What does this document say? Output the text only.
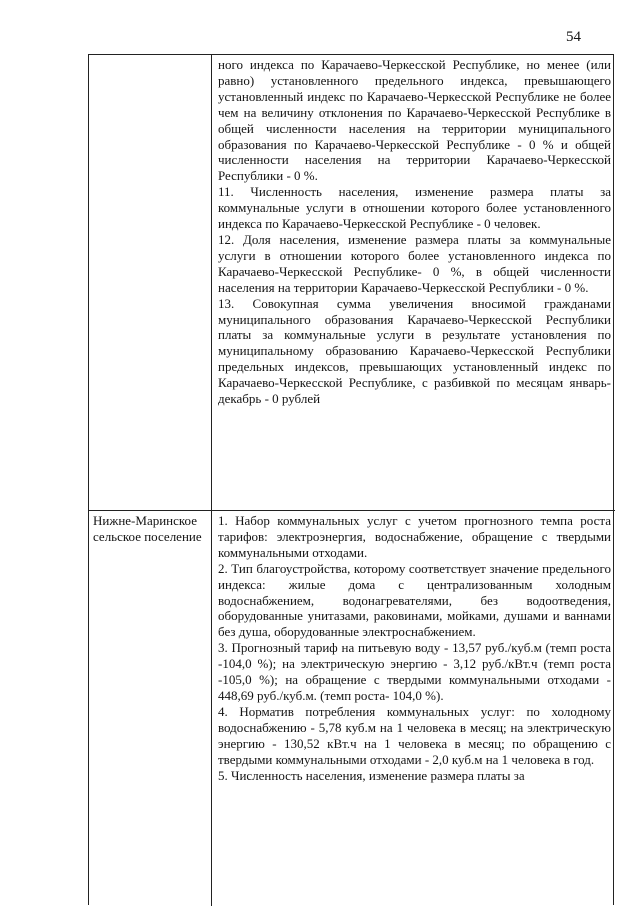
54

ного индекса по Карачаево-Черкесской Республике, но менее (или равно) установленного предельного индекса, превышающего установленный индекс по Карачаево-Черкесской Республике не более чем на величину отклонения по Карачаево-Черкесской Республике в общей численности населения на территории муниципального образования по Карачаево-Черкесской Республике - 0 % и общей численности населения на территории Карачаево-Черкесской Республики - 0 %.

11. Численность населения, изменение размера платы за коммунальные услуги в отношении которого более установленного индекса по Карачаево-Черкесской Республике - 0 человек.

12. Доля населения, изменение размера платы за коммунальные услуги в отношении которого более установленного индекса по Карачаево-Черкесской Республике- 0 %, в общей численности населения на территории Карачаево-Черкесской Республики - 0 %.

13. Совокупная сумма увеличения вносимой гражданами муниципального образования Карачаево-Черкесской Республики платы за коммунальные услуги в результате установления по муниципальному образованию Карачаево-Черкесской Республики предельных индексов, превышающих установленный индекс по Карачаево-Черкесской Республике, с разбивкой по месяцам январь-декабрь - 0 рублей

Нижне-Маринское сельское поселение

1. Набор коммунальных услуг с учетом прогнозного темпа роста тарифов: электроэнергия, водоснабжение, обращение с твердыми коммунальными отходами.

2. Тип благоустройства, которому соответствует значение предельного индекса: жилые дома с централизованным холодным водоснабжением, водонагревателями, без водоотведения, оборудованные унитазами, раковинами, мойками, душами и ваннами без душа, оборудованные электроснабжением.

3. Прогнозный тариф на питьевую воду - 13,57 руб./куб.м (темп роста -104,0 %); на электрическую энергию - 3,12 руб./кВт.ч (темп роста -105,0 %); на обращение с твердыми коммунальными отходами - 448,69 руб./куб.м. (темп роста- 104,0 %).

4. Норматив потребления коммунальных услуг: по холодному водоснабжению - 5,78 куб.м на 1 человека в месяц; на электрическую энергию - 130,52 кВт.ч на 1 человека в месяц; по обращению с твердыми коммунальными отходами - 2,0 куб.м на 1 человека в год.

5. Численность населения, изменение размера платы за
